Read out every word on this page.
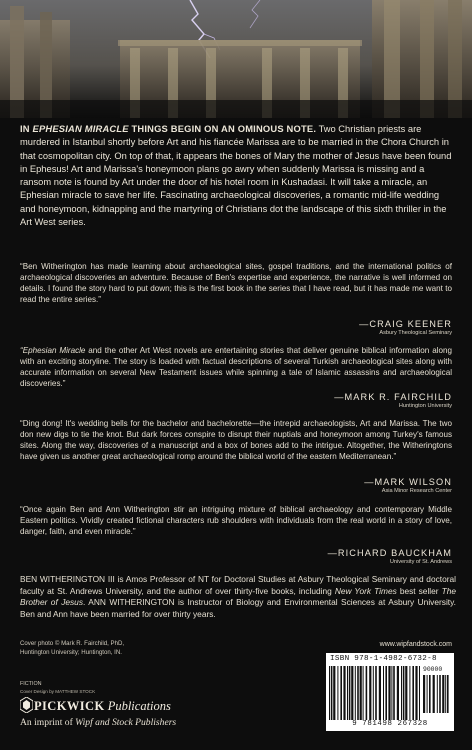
IN EPHESIAN MIRACLE THINGS BEGIN ON AN OMINOUS NOTE. Two Christian priests are murdered in Istanbul shortly before Art and his fiancée Marissa are to be married in the Chora Church in that cosmopolitan city. On top of that, it appears the bones of Mary the mother of Jesus have been found in Ephesus! Art and Marissa's honeymoon plans go awry when suddenly Marissa is missing and a ransom note is found by Art under the door of his hotel room in Kushadasi. It will take a miracle, an Ephesian miracle to save her life. Fascinating archaeological discoveries, a romantic mid-life wedding and honeymoon, kidnapping and the martyring of Christians dot the landscape of this sixth thriller in the Art West series.
“Ben Witherington has made learning about archaeological sites, gospel traditions, and the international politics of archaeological discoveries an adventure. Because of Ben's expertise and experience, the narrative is well informed on details. I found the story hard to put down; this is the first book in the series that I have read, but it has made me want to read the entire series.”
—CRAIG KEENER
Asbury Theological Seminary
“Ephesian Miracle and the other Art West novels are entertaining stories that deliver genuine biblical information along with an exciting storyline. The story is loaded with factual descriptions of several Turkish archaeological sites along with accurate information on several New Testament issues while spinning a tale of Islamic assassins and archaeological discoveries.”
—MARK R. FAIRCHILD
Huntington University
“Ding dong! It's wedding bells for the bachelor and bachelorette—the intrepid archaeologists, Art and Marissa. The two don new digs to tie the knot. But dark forces conspire to disrupt their nuptials and honeymoon among Turkey's famous sites. Along the way, discoveries of a manuscript and a box of bones add to the intrigue. Altogether, the Witheringtons have given us another great archaeological romp around the biblical world of the eastern Mediterranean.”
—MARK WILSON
Asia Minor Research Center
“Once again Ben and Ann Witherington stir an intriguing mixture of biblical archaeology and contemporary Middle Eastern politics. Vividly created fictional characters rub shoulders with individuals from the real world in a story of love, danger, faith, and even miracle.”
—RICHARD BAUCKHAM
University of St. Andrews
BEN WITHERINGTON III is Amos Professor of NT for Doctoral Studies at Asbury Theological Seminary and doctoral faculty at St. Andrews University, and the author of over thirty-five books, including New York Times best seller The Brother of Jesus. ANN WITHERINGTON is Instructor of Biology and Environmental Sciences at Asbury University. Ben and Ann have been married for over thirty years.
Cover photo © Mark R. Fairchild, PhD,
Huntington University; Huntington, IN.
FICTION
Cover Design by MATTHEW STOCK
PICKWICK Publications
An imprint of Wipf and Stock Publishers
www.wipfandstock.com
ISBN 978-1-4982-6732-8
90000
9 781498 267328
